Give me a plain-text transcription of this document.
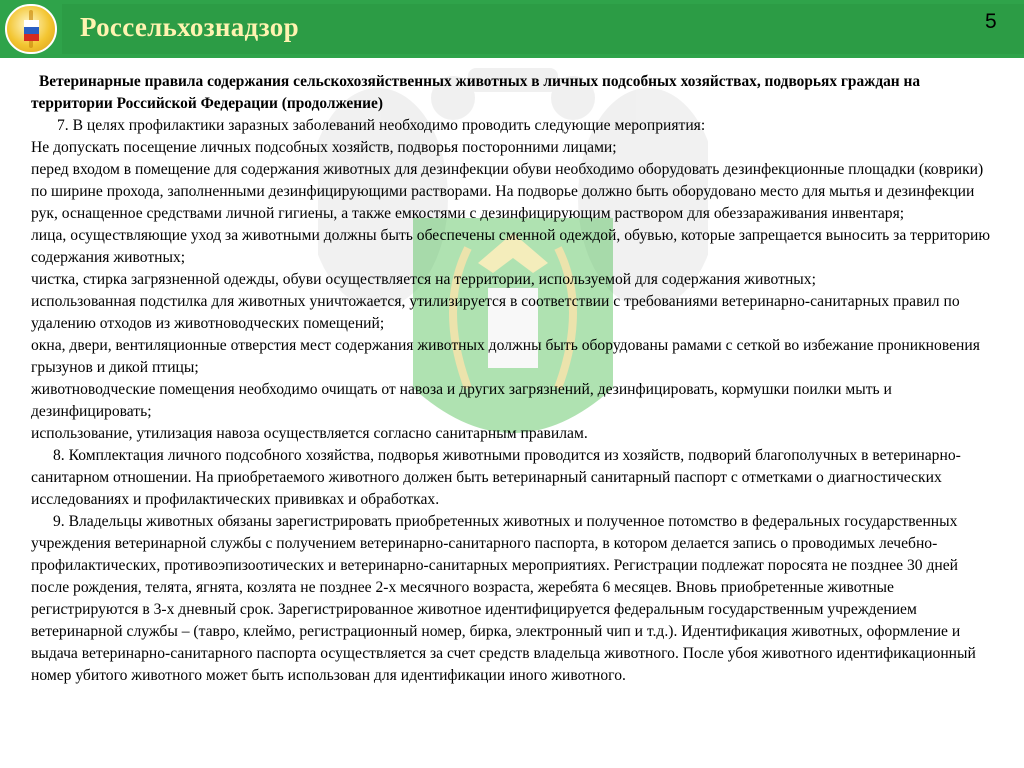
Россельхознадзор	5
Ветеринарные правила содержания сельскохозяйственных животных в личных подсобных хозяйствах, подворьях граждан на территории Российской Федерации (продолжение)

7. В целях профилактики заразных заболеваний необходимо проводить следующие мероприятия:

Не допускать посещение личных подсобных хозяйств, подворья посторонними лицами;

перед входом в помещение для содержания животных для дезинфекции обуви необходимо оборудовать дезинфекционные площадки (коврики) по ширине прохода, заполненными дезинфицирующими растворами. На подворье должно быть оборудовано место для мытья и дезинфекции рук, оснащенное средствами личной гигиены, а также емкостями с дезинфицирующим раствором для обеззараживания инвентаря;

лица, осуществляющие уход за животными должны быть обеспечены сменной одеждой, обувью, которые запрещается выносить за территорию содержания животных;

чистка, стирка загрязненной одежды, обуви осуществляется на территории, используемой для содержания животных;

использованная подстилка для животных уничтожается, утилизируется в соответствии с требованиями ветеринарно-санитарных правил по удалению отходов из животноводческих помещений;

окна, двери, вентиляционные отверстия мест содержания животных должны быть оборудованы рамами с сеткой во избежание проникновения грызунов и дикой птицы;

животноводческие помещения необходимо очищать от навоза и других загрязнений, дезинфицировать, кормушки поилки мыть и дезинфицировать;

использование, утилизация навоза осуществляется согласно санитарным правилам.

8. Комплектация личного подсобного хозяйства, подворья животными проводится из хозяйств, подворий благополучных в ветеринарно-санитарном отношении. На приобретаемого животного должен быть ветеринарный санитарный паспорт с отметками о диагностических исследованиях и профилактических прививках и обработках.

9. Владельцы животных обязаны зарегистрировать приобретенных животных и полученное потомство в федеральных государственных учреждения ветеринарной службы с получением ветеринарно-санитарного паспорта, в котором делается запись о проводимых лечебно-профилактических, противоэпизоотических и ветеринарно-санитарных мероприятиях. Регистрации подлежат поросята не позднее 30 дней после рождения, телята, ягнята, козлята не позднее 2-х месячного возраста, жеребята 6 месяцев. Вновь приобретенные животные регистрируются в 3-х дневный срок. Зарегистрированное животное идентифицируется федеральным государственным учреждением ветеринарной службы – (тавро, клеймо, регистрационный номер, бирка, электронный чип и т.д.). Идентификация животных, оформление и выдача ветеринарно-санитарного паспорта осуществляется за счет средств владельца животного. После убоя животного идентификационный номер убитого животного может быть использован для идентификации иного животного.
